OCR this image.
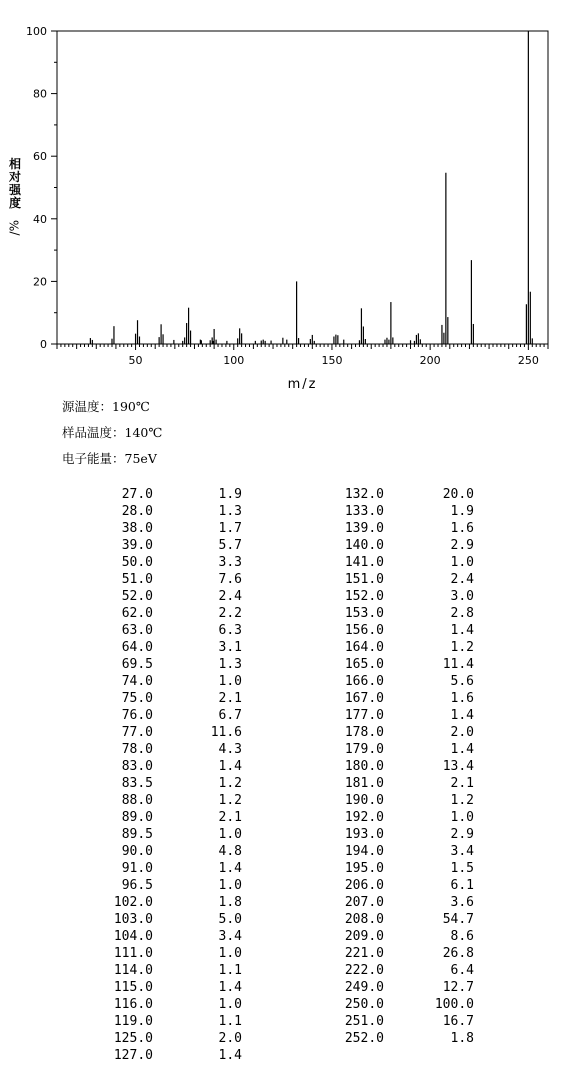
50	100	150	200	250
0
20
40
60
80
100
m/z
相对强度
/%
源温度：190℃
样品温度：140℃
电子能量：75eV
27.0	1.9	132.0	20.0
28.0	1.3	133.0	1.9
38.0	1.7	139.0	1.6
39.0	5.7	140.0	2.9
50.0	3.3	141.0	1.0
51.0	7.6	151.0	2.4
52.0	2.4	152.0	3.0
62.0	2.2	153.0	2.8
63.0	6.3	156.0	1.4
64.0	3.1	164.0	1.2
69.5	1.3	165.0	11.4
74.0	1.0	166.0	5.6
75.0	2.1	167.0	1.6
76.0	6.7	177.0	1.4
77.0	11.6	178.0	2.0
78.0	4.3	179.0	1.4
83.0	1.4	180.0	13.4
83.5	1.2	181.0	2.1
88.0	1.2	190.0	1.2
89.0	2.1	192.0	1.0
89.5	1.0	193.0	2.9
90.0	4.8	194.0	3.4
91.0	1.4	195.0	1.5
96.5	1.0	206.0	6.1
102.0	1.8	207.0	3.6
103.0	5.0	208.0	54.7
104.0	3.4	209.0	8.6
111.0	1.0	221.0	26.8
114.0	1.1	222.0	6.4
115.0	1.4	249.0	12.7
116.0	1.0	250.0	100.0
119.0	1.1	251.0	16.7
125.0	2.0	252.0	1.8
127.0	1.4		
